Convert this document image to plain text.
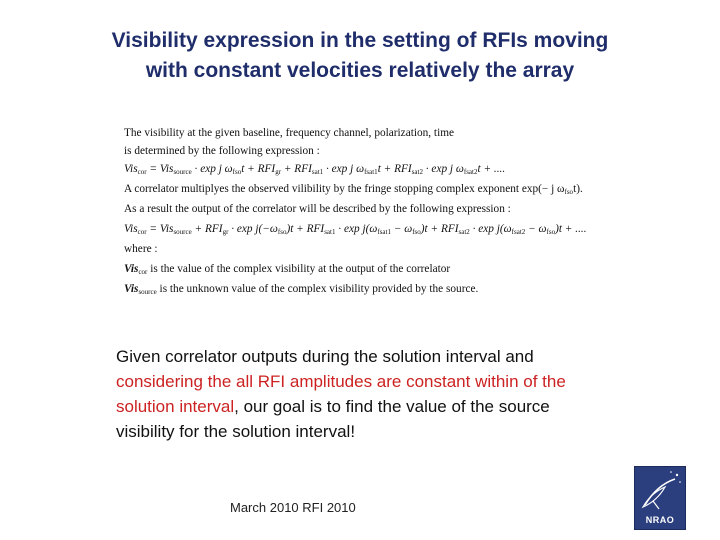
Visibility expression in the setting of RFIs moving
with constant velocities relatively the array
The visibility at the given baseline, frequency channel, polarization, time
is determined by the following expression :
Vis$_{cor}$ = Vis$_{source}$ · exp j $\omega_{fso}t + RFI_{gr} + RFI_{sat1} \cdot \exp j$ $\omega_{fsat1}t + RFI_{sat2} \cdot \exp j$ $\omega_{fsat2}t$ + ....
A correlator multiplyes the observed vilibility by the fringe stopping complex exponent exp(− j $\omega_{fso}t$).
As a result the output of the correlator will be described by the following expression :
$Vis_{cor} = Vis_{source} + RFI_{gr} \cdot \exp j(-\omega_{fso})t + RFI_{sat1} \cdot \exp j(\omega_{fsat1} - \omega_{fso})t + RFI_{sat2} \cdot \exp j(\omega_{fsat2} - \omega_{fso})t$ + ....
where :
Vis$_{cor}$ is the value of the complex visibility at the output of the correlator
Vis$_{source}$ is the unknown value of the complex visibility provided by the source.
Given correlator outputs during the solution interval and considering the all RFI amplitudes are constant within of the solution interval, our goal is to find the value of the source visibility for the solution interval!
March 2010 RFI 2010
NRAO
